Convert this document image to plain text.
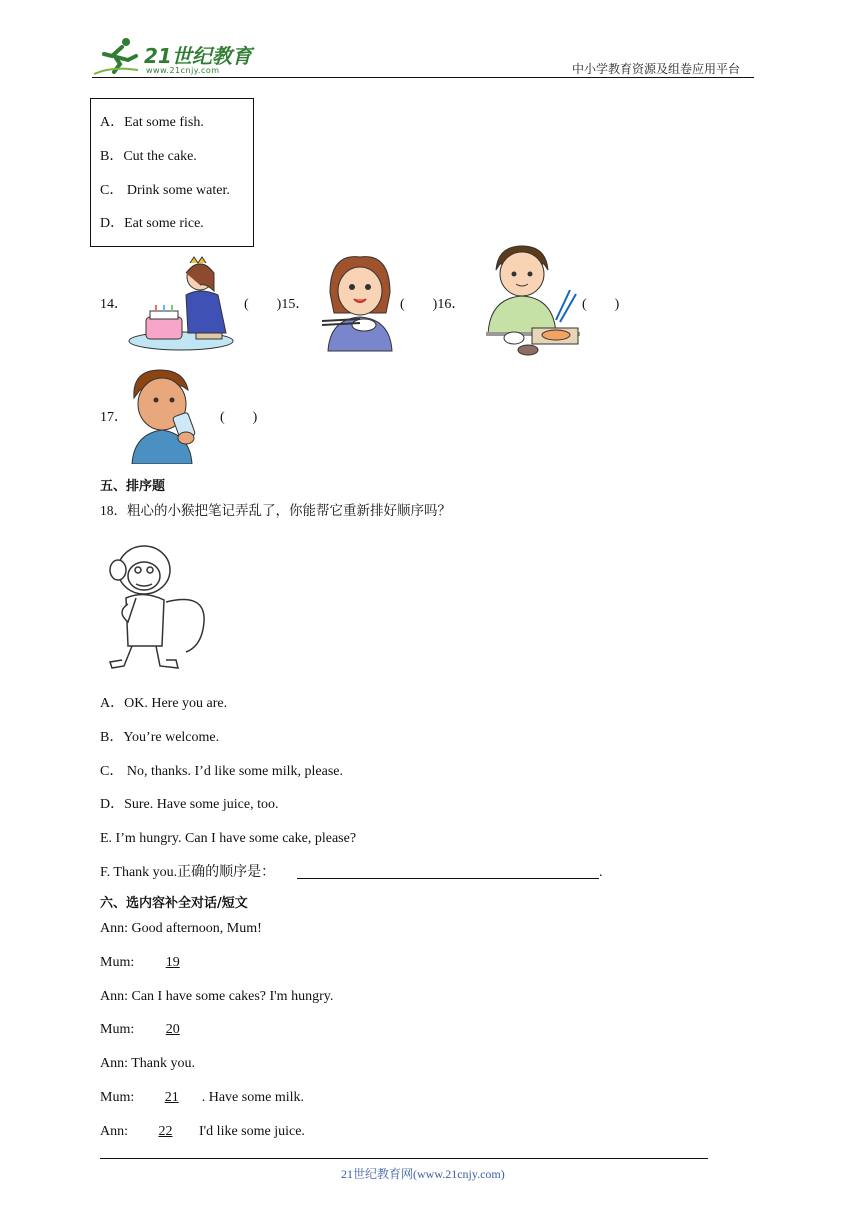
21世纪教育
www.21cnjy.com	中小学教育资源及组卷应用平台
A．Eat some fish.
B．Cut the cake.
C． Drink some water.
D．Eat some rice.
14．	(　　)15．	(　　)16．	(　　)
17．	(　　)
五、排序题
18．粗心的小猴把笔记弄乱了，你能帮它重新排好顺序吗？
A．OK. Here you are.
B．You’re welcome.
C． No, thanks. I’d like some milk, please.
D．Sure. Have some juice, too.
E. I’m hungry. Can I have some cake, please?
F. Thank you.正确的顺序是：	.
六、选内容补全对话/短文
Ann: Good afternoon, Mum!
Mum: 19
Ann: Can I have some cakes? I'm hungry.
Mum: 20
Ann: Thank you.
Mum: 21 . Have some milk.
Ann: 22 I'd like some juice.
21世纪教育网(www.21cnjy.com)
